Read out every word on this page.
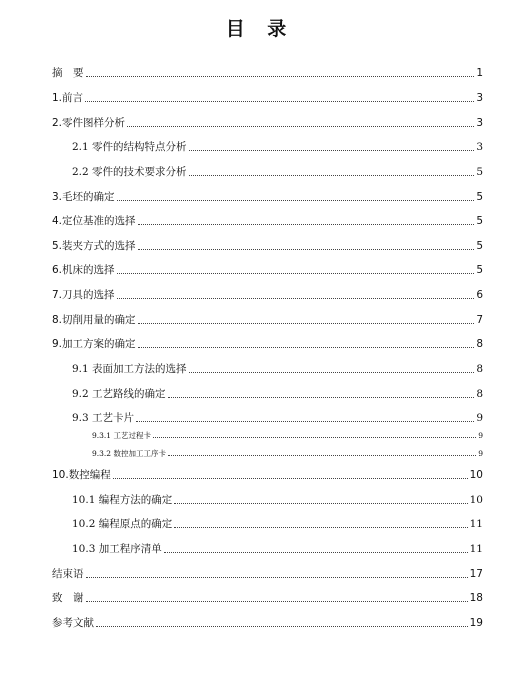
目 录
摘　要	1
1.前言	3
2.零件图样分析	3
2.1 零件的结构特点分析	3
2.2 零件的技术要求分析	5
3.毛坯的确定	5
4.定位基准的选择	5
5.装夹方式的选择	5
6.机床的选择	5
7.刀具的选择	6
8.切削用量的确定	7
9.加工方案的确定	8
9.1 表面加工方法的选择	8
9.2 工艺路线的确定	8
9.3 工艺卡片	9
9.3.1 工艺过程卡	9
9.3.2 数控加工工序卡	9
10.数控编程	10
10.1 编程方法的确定	10
10.2 编程原点的确定	11
10.3 加工程序清单	11
结束语	17
致　谢	18
参考文献	19
